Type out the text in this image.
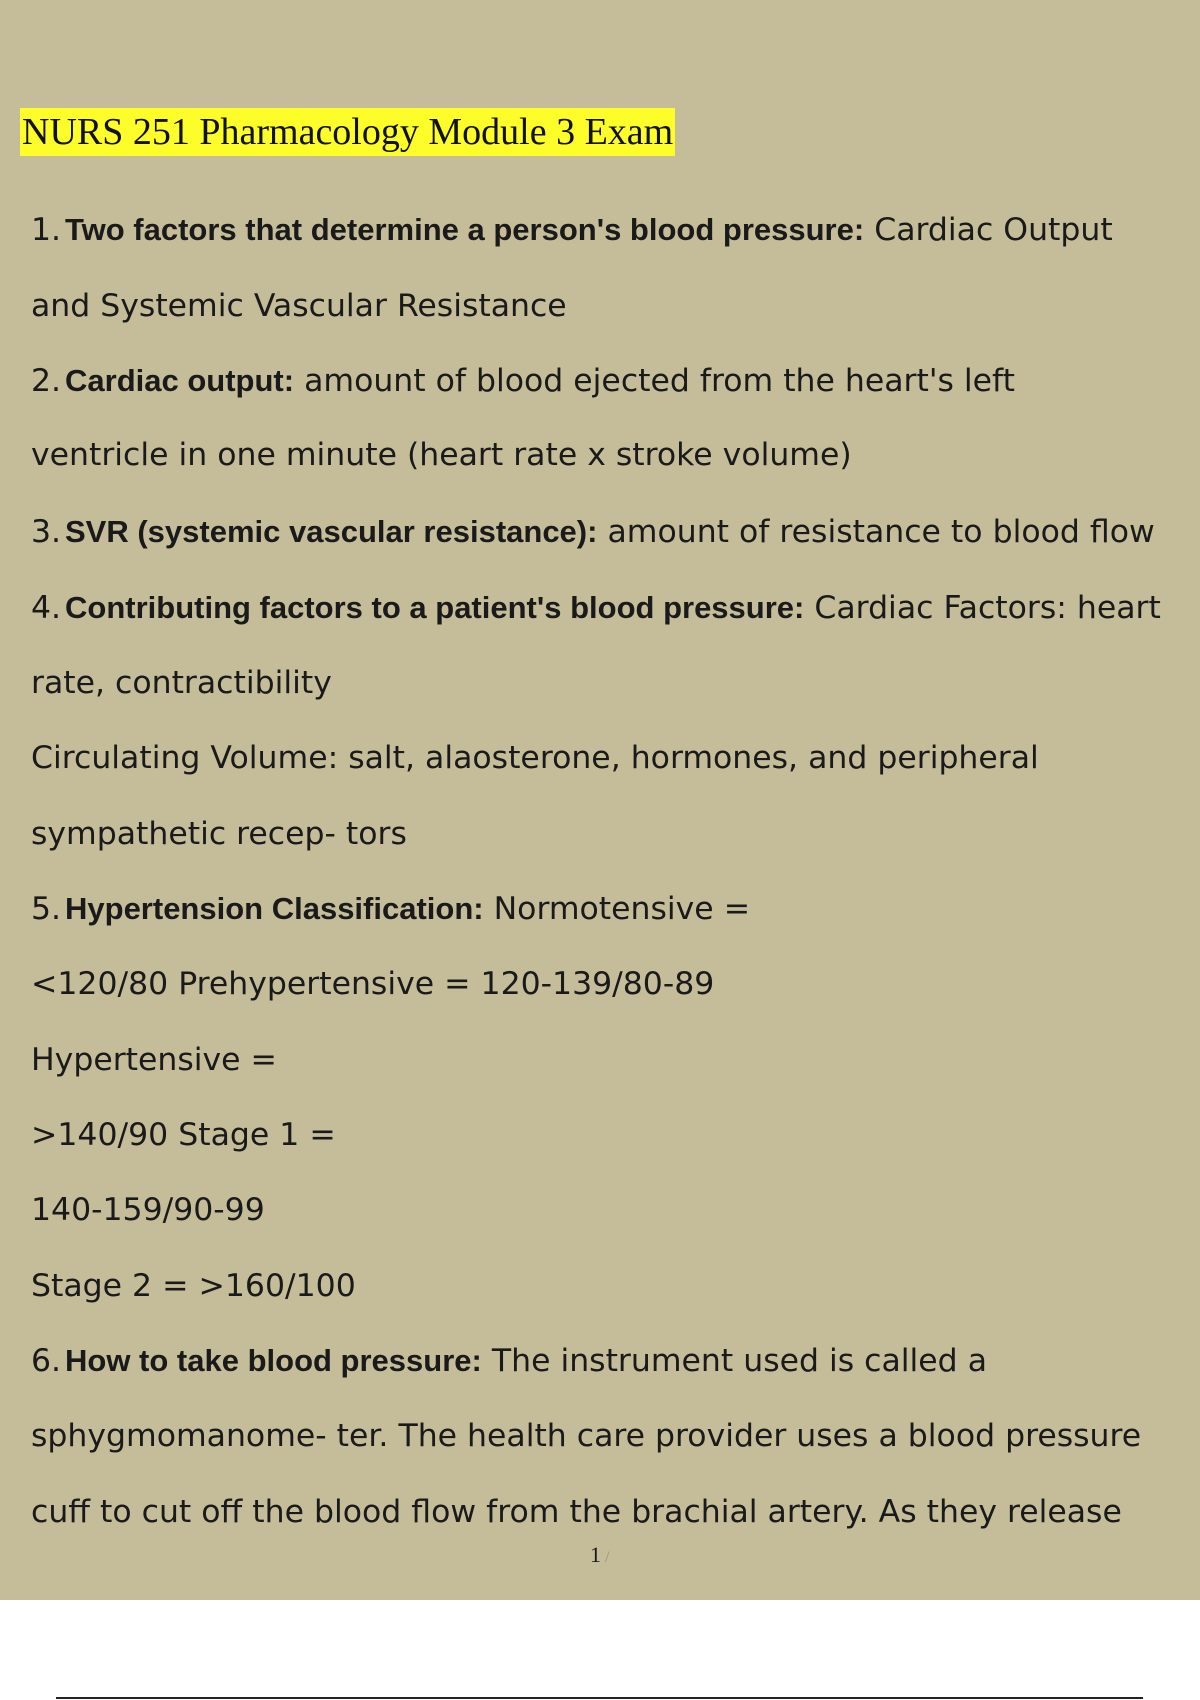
NURS 251 Pharmacology Module 3 Exam
1. Two factors that determine a person's blood pressure: Cardiac Output
and Systemic Vascular Resistance
2. Cardiac output: amount of blood ejected from the heart's left
ventricle in one minute (heart rate x stroke volume)
3. SVR (systemic vascular resistance): amount of resistance to blood flow
4. Contributing factors to a patient's blood pressure: Cardiac Factors: heart
rate, contractibility
Circulating Volume: salt, alaosterone, hormones, and peripheral
sympathetic recep- tors
5. Hypertension Classification: Normotensive =
<120/80 Prehypertensive = 120-139/80-89
Hypertensive =
>140/90 Stage 1 =
140-159/90-99
Stage 2 = >160/100
6. How to take blood pressure: The instrument used is called a
sphygmomanome- ter. The health care provider uses a blood pressure
cuff to cut off the blood flow from the brachial artery. As they release
1 /
